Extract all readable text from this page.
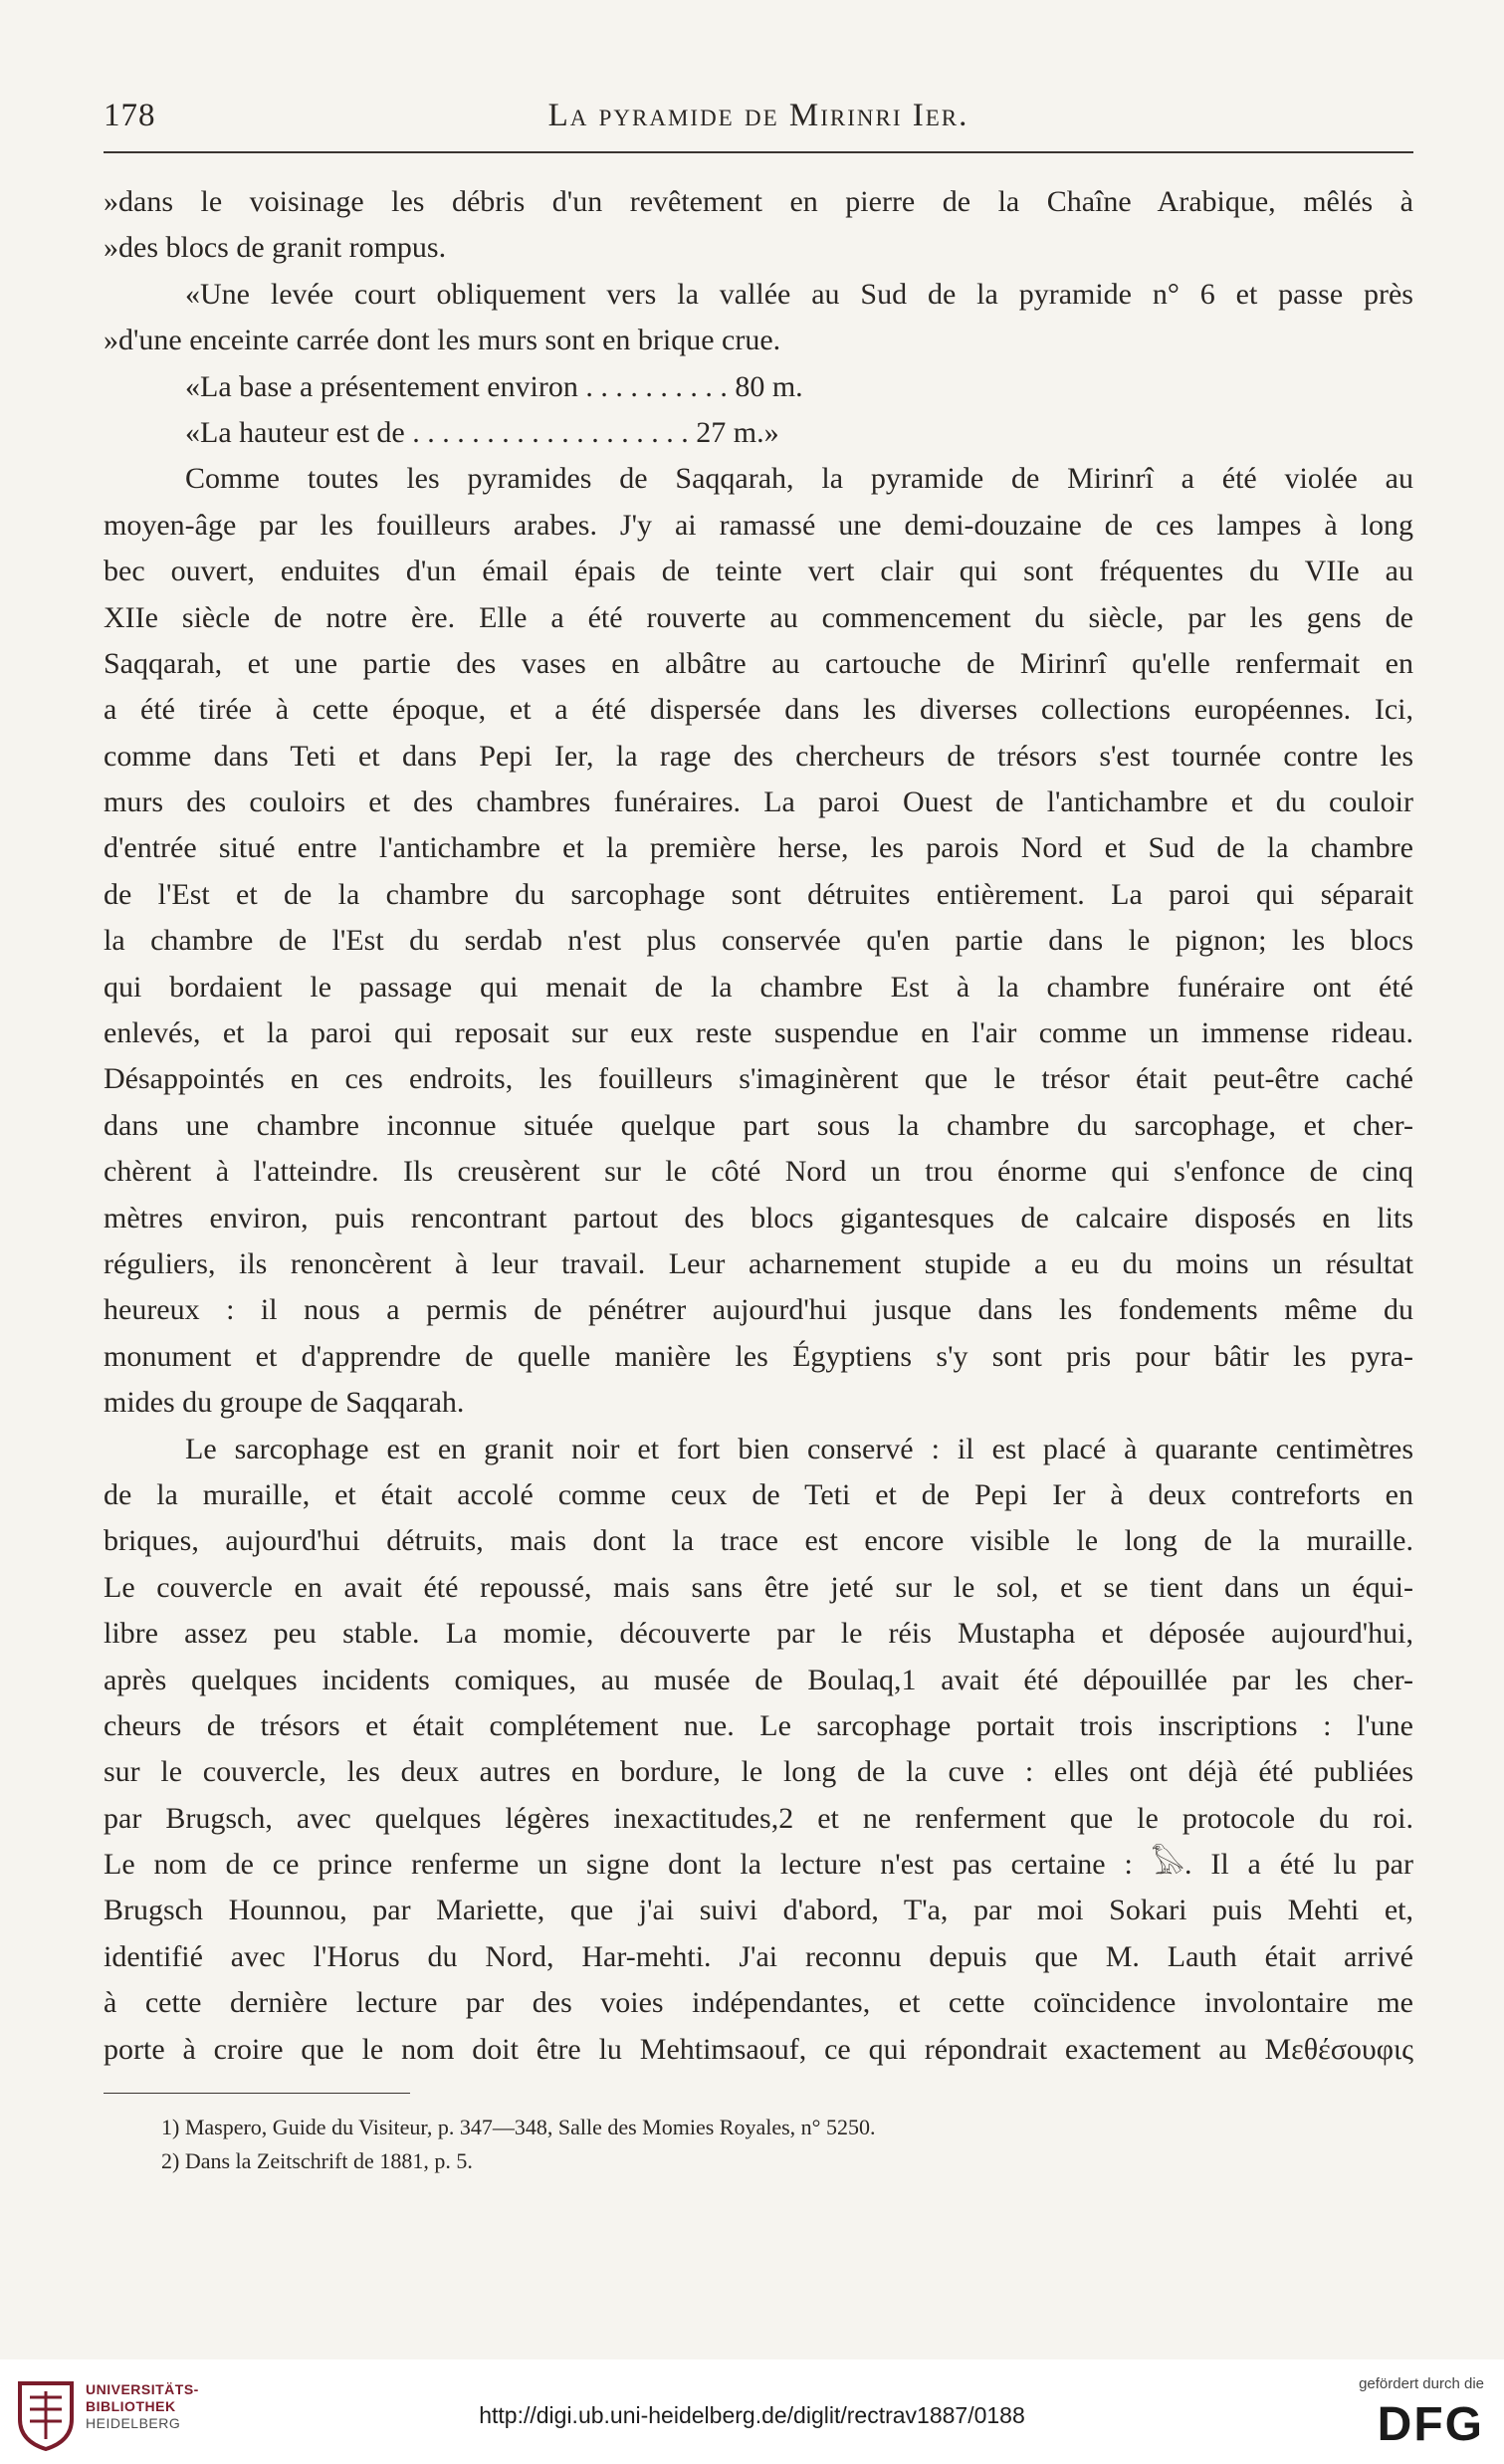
178	La pyramide de Mirinri Ier.
»dans le voisinage les débris d'un revêtement en pierre de la Chaîne Arabique, mêlés à
»des blocs de granit rompus.
«Une levée court obliquement vers la vallée au Sud de la pyramide n° 6 et passe près
»d'une enceinte carrée dont les murs sont en brique crue.
«La base a présentement environ . . . . . . . . . . 80 m.
«La hauteur est de . . . . . . . . . . . . . . . . . . . 27 m.»
Comme toutes les pyramides de Saqqarah, la pyramide de Mirinrî a été violée au
moyen-âge par les fouilleurs arabes. J'y ai ramassé une demi-douzaine de ces lampes à long
bec ouvert, enduites d'un émail épais de teinte vert clair qui sont fréquentes du VIIe au
XIIe siècle de notre ère. Elle a été rouverte au commencement du siècle, par les gens de
Saqqarah, et une partie des vases en albâtre au cartouche de Mirinrî qu'elle renfermait en
a été tirée à cette époque, et a été dispersée dans les diverses collections européennes. Ici,
comme dans Teti et dans Pepi Ier, la rage des chercheurs de trésors s'est tournée contre les
murs des couloirs et des chambres funéraires. La paroi Ouest de l'antichambre et du couloir
d'entrée situé entre l'antichambre et la première herse, les parois Nord et Sud de la chambre
de l'Est et de la chambre du sarcophage sont détruites entièrement. La paroi qui séparait
la chambre de l'Est du serdab n'est plus conservée qu'en partie dans le pignon; les blocs
qui bordaient le passage qui menait de la chambre Est à la chambre funéraire ont été
enlevés, et la paroi qui reposait sur eux reste suspendue en l'air comme un immense rideau.
Désappointés en ces endroits, les fouilleurs s'imaginèrent que le trésor était peut-être caché
dans une chambre inconnue située quelque part sous la chambre du sarcophage, et cher-
chèrent à l'atteindre. Ils creusèrent sur le côté Nord un trou énorme qui s'enfonce de cinq
mètres environ, puis rencontrant partout des blocs gigantesques de calcaire disposés en lits
réguliers, ils renoncèrent à leur travail. Leur acharnement stupide a eu du moins un résultat
heureux : il nous a permis de pénétrer aujourd'hui jusque dans les fondements même du
monument et d'apprendre de quelle manière les Égyptiens s'y sont pris pour bâtir les pyra-
mides du groupe de Saqqarah.
Le sarcophage est en granit noir et fort bien conservé : il est placé à quarante centimètres
de la muraille, et était accolé comme ceux de Teti et de Pepi Ier à deux contreforts en
briques, aujourd'hui détruits, mais dont la trace est encore visible le long de la muraille.
Le couvercle en avait été repoussé, mais sans être jeté sur le sol, et se tient dans un équi-
libre assez peu stable. La momie, découverte par le réis Mustapha et déposée aujourd'hui,
après quelques incidents comiques, au musée de Boulaq,1 avait été dépouillée par les cher-
cheurs de trésors et était complétement nue. Le sarcophage portait trois inscriptions : l'une
sur le couvercle, les deux autres en bordure, le long de la cuve : elles ont déjà été publiées
par Brugsch, avec quelques légères inexactitudes,2 et ne renferment que le protocole du roi.
Le nom de ce prince renferme un signe dont la lecture n'est pas certaine : 𓅃. Il a été lu par
Brugsch Hounnou, par Mariette, que j'ai suivi d'abord, T'a, par moi Sokari puis Mehti et,
identifié avec l'Horus du Nord, Har-mehti. J'ai reconnu depuis que M. Lauth était arrivé
à cette dernière lecture par des voies indépendantes, et cette coïncidence involontaire me
porte à croire que le nom doit être lu Mehtimsaouf, ce qui répondrait exactement au Μεθέσουφις
1) Maspero, Guide du Visiteur, p. 347—348, Salle des Momies Royales, n° 5250.
2) Dans la Zeitschrift de 1881, p. 5.
UNIVERSITÄTS-
BIBLIOTHEK
HEIDELBERG	http://digi.ub.uni-heidelberg.de/diglit/rectrav1887/0188
gefördert durch die
DFG
